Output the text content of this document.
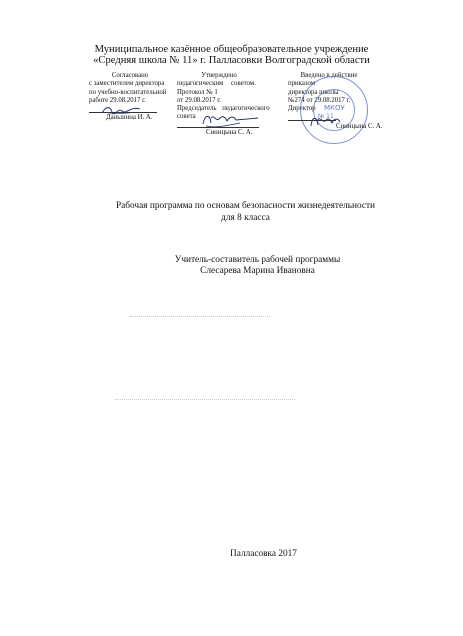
Муниципальное казённое общеобразовательное учреждение
«Средняя школа № 11» г. Палласовки Волгоградской области
Согласовано
с заместителем директора
по учебно-воспитательной
работе 29.08.2017 г.
Даньшина И. А.
Утверждено
педагогическим советом.
Протокол № 1
от 29.08.2017 г.
Председатель педагогического
совета
Синицына С. А.
Введено в действие
приказом
директора школы
№274 от 29.08.2017 г.
Директор	МКОУ
№ 11
Синицына С. А.
Рабочая программа по основам безопасности жизнедеятельности
для 8 класса
Учитель-составитель рабочей программы
Слесарева Марина Ивановна
Палласовка 2017
